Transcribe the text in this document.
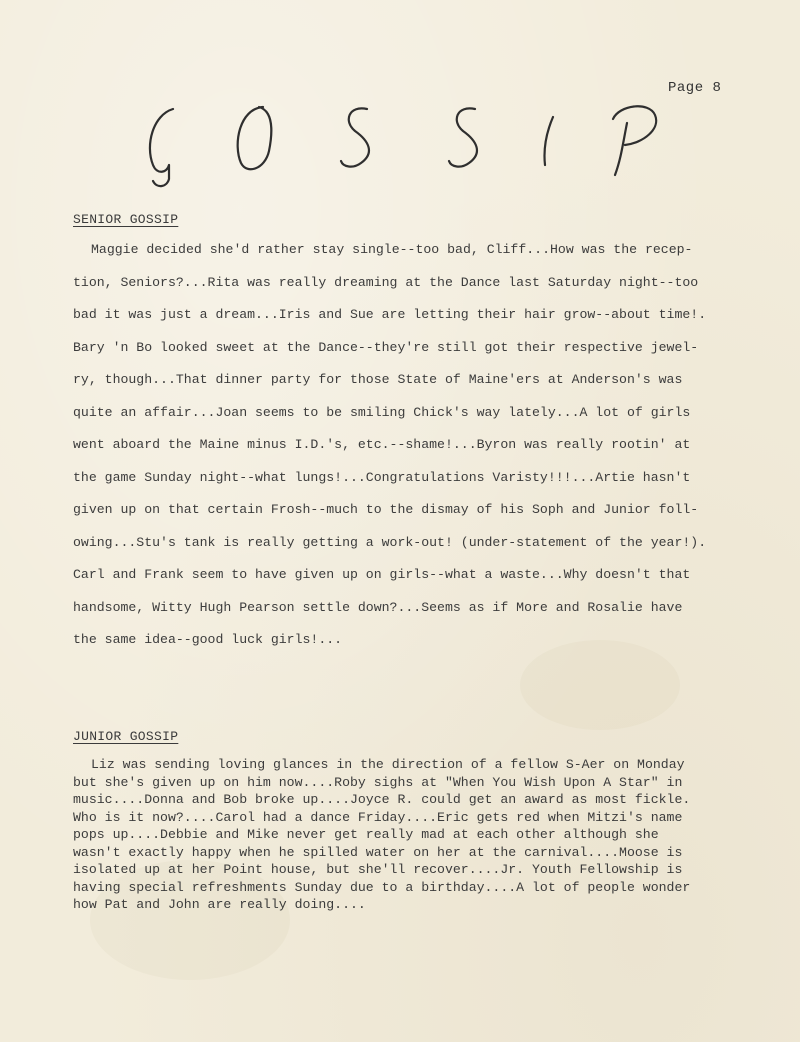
Page 8
SENIOR GOSSIP
Maggie decided she'd rather stay single--too bad, Cliff...How was the recep-
tion, Seniors?...Rita was really dreaming at the Dance last Saturday night--too
bad it was just a dream...Iris and Sue are letting their hair grow--about time!.
Bary 'n Bo looked sweet at the Dance--they're still got their respective jewel-
ry, though...That dinner party for those State of Maine'ers at Anderson's was
quite an affair...Joan seems to be smiling Chick's way lately...A lot of girls
went aboard the Maine minus I.D.'s, etc.--shame!...Byron was really rootin' at
the game Sunday night--what lungs!...Congratulations Varisty!!!...Artie hasn't
given up on that certain Frosh--much to the dismay of his Soph and Junior foll-
owing...Stu's tank is really getting a work-out! (under-statement of the year!).
Carl and Frank seem to have given up on girls--what a waste...Why doesn't that
handsome, Witty Hugh Pearson settle down?...Seems as if More and Rosalie have
the same idea--good luck girls!...
JUNIOR GOSSIP
Liz was sending loving glances in the direction of a fellow S-Aer on Monday
but she's given up on him now....Roby sighs at "When You Wish Upon A Star" in
music....Donna and Bob broke up....Joyce R. could get an award as most fickle.
Who is it now?....Carol had a dance Friday....Eric gets red when Mitzi's name
pops up....Debbie and Mike never get really mad at each other although she
wasn't exactly happy when he spilled water on her at the carnival....Moose is
isolated up at her Point house, but she'll recover....Jr. Youth Fellowship is
having special refreshments Sunday due to a birthday....A lot of people wonder
how Pat and John are really doing....
